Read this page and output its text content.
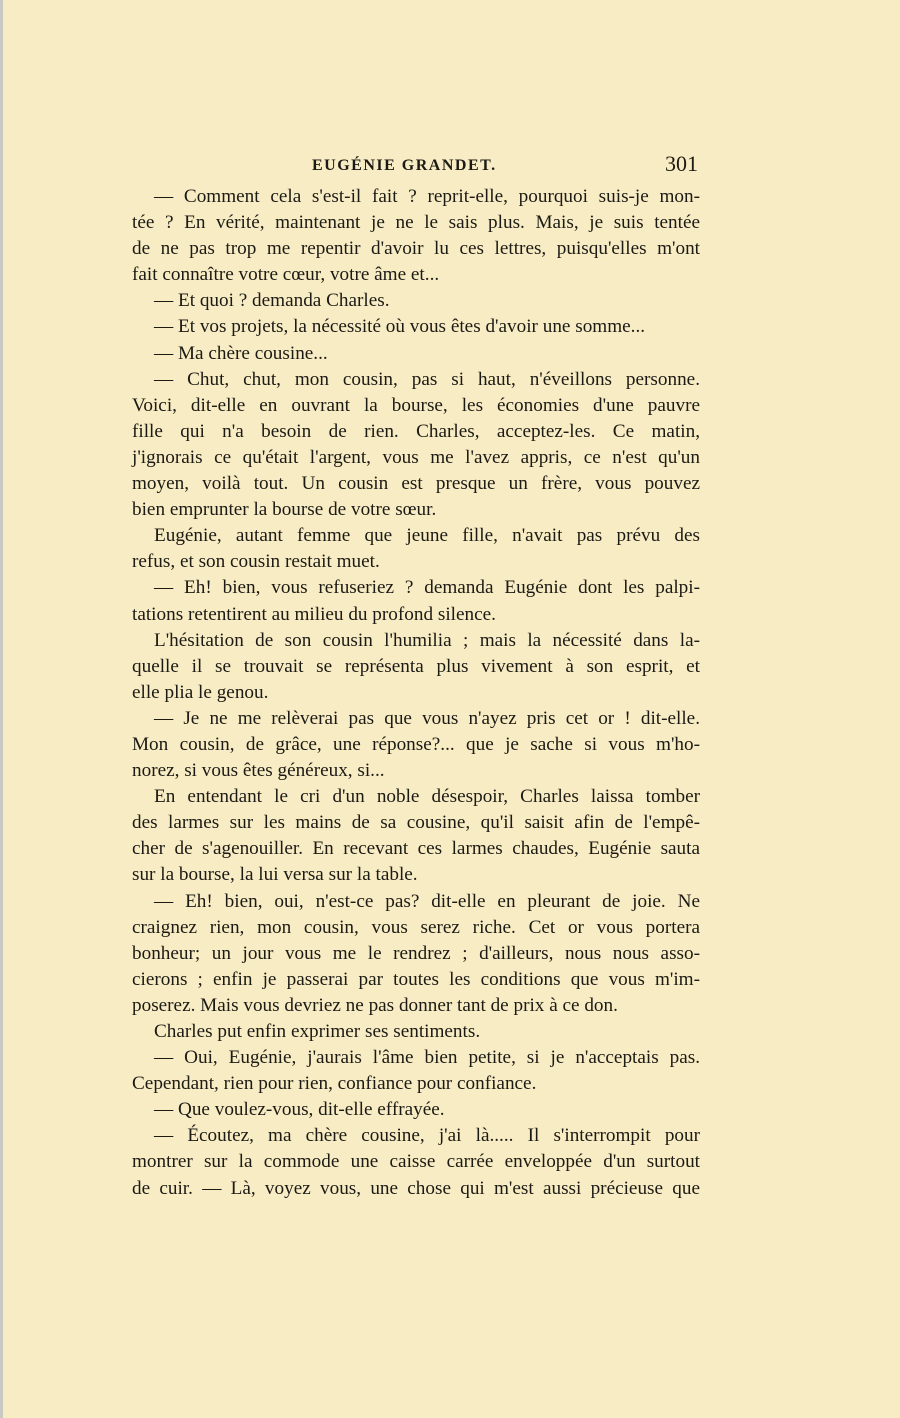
EUGÉNIE GRANDET.	301
— Comment cela s'est-il fait ? reprit-elle, pourquoi suis-je mon-
tée ? En vérité, maintenant je ne le sais plus. Mais, je suis tentée
de ne pas trop me repentir d'avoir lu ces lettres, puisqu'elles m'ont
fait connaître votre cœur, votre âme et...
— Et quoi ? demanda Charles.
— Et vos projets, la nécessité où vous êtes d'avoir une somme...
— Ma chère cousine...
— Chut, chut, mon cousin, pas si haut, n'éveillons personne.
Voici, dit-elle en ouvrant la bourse, les économies d'une pauvre
fille qui n'a besoin de rien. Charles, acceptez-les. Ce matin,
j'ignorais ce qu'était l'argent, vous me l'avez appris, ce n'est qu'un
moyen, voilà tout. Un cousin est presque un frère, vous pouvez
bien emprunter la bourse de votre sœur.
Eugénie, autant femme que jeune fille, n'avait pas prévu des
refus, et son cousin restait muet.
— Eh! bien, vous refuseriez ? demanda Eugénie dont les palpi-
tations retentirent au milieu du profond silence.
L'hésitation de son cousin l'humilia ; mais la nécessité dans la-
quelle il se trouvait se représenta plus vivement à son esprit, et
elle plia le genou.
— Je ne me relèverai pas que vous n'ayez pris cet or ! dit-elle.
Mon cousin, de grâce, une réponse?... que je sache si vous m'ho-
norez, si vous êtes généreux, si...
En entendant le cri d'un noble désespoir, Charles laissa tomber
des larmes sur les mains de sa cousine, qu'il saisit afin de l'empê-
cher de s'agenouiller. En recevant ces larmes chaudes, Eugénie sauta
sur la bourse, la lui versa sur la table.
— Eh! bien, oui, n'est-ce pas? dit-elle en pleurant de joie. Ne
craignez rien, mon cousin, vous serez riche. Cet or vous portera
bonheur; un jour vous me le rendrez ; d'ailleurs, nous nous asso-
cierons ; enfin je passerai par toutes les conditions que vous m'im-
poserez. Mais vous devriez ne pas donner tant de prix à ce don.
Charles put enfin exprimer ses sentiments.
— Oui, Eugénie, j'aurais l'âme bien petite, si je n'acceptais pas.
Cependant, rien pour rien, confiance pour confiance.
— Que voulez-vous, dit-elle effrayée.
— Écoutez, ma chère cousine, j'ai là..... Il s'interrompit pour
montrer sur la commode une caisse carrée enveloppée d'un surtout
de cuir. — Là, voyez vous, une chose qui m'est aussi précieuse que
